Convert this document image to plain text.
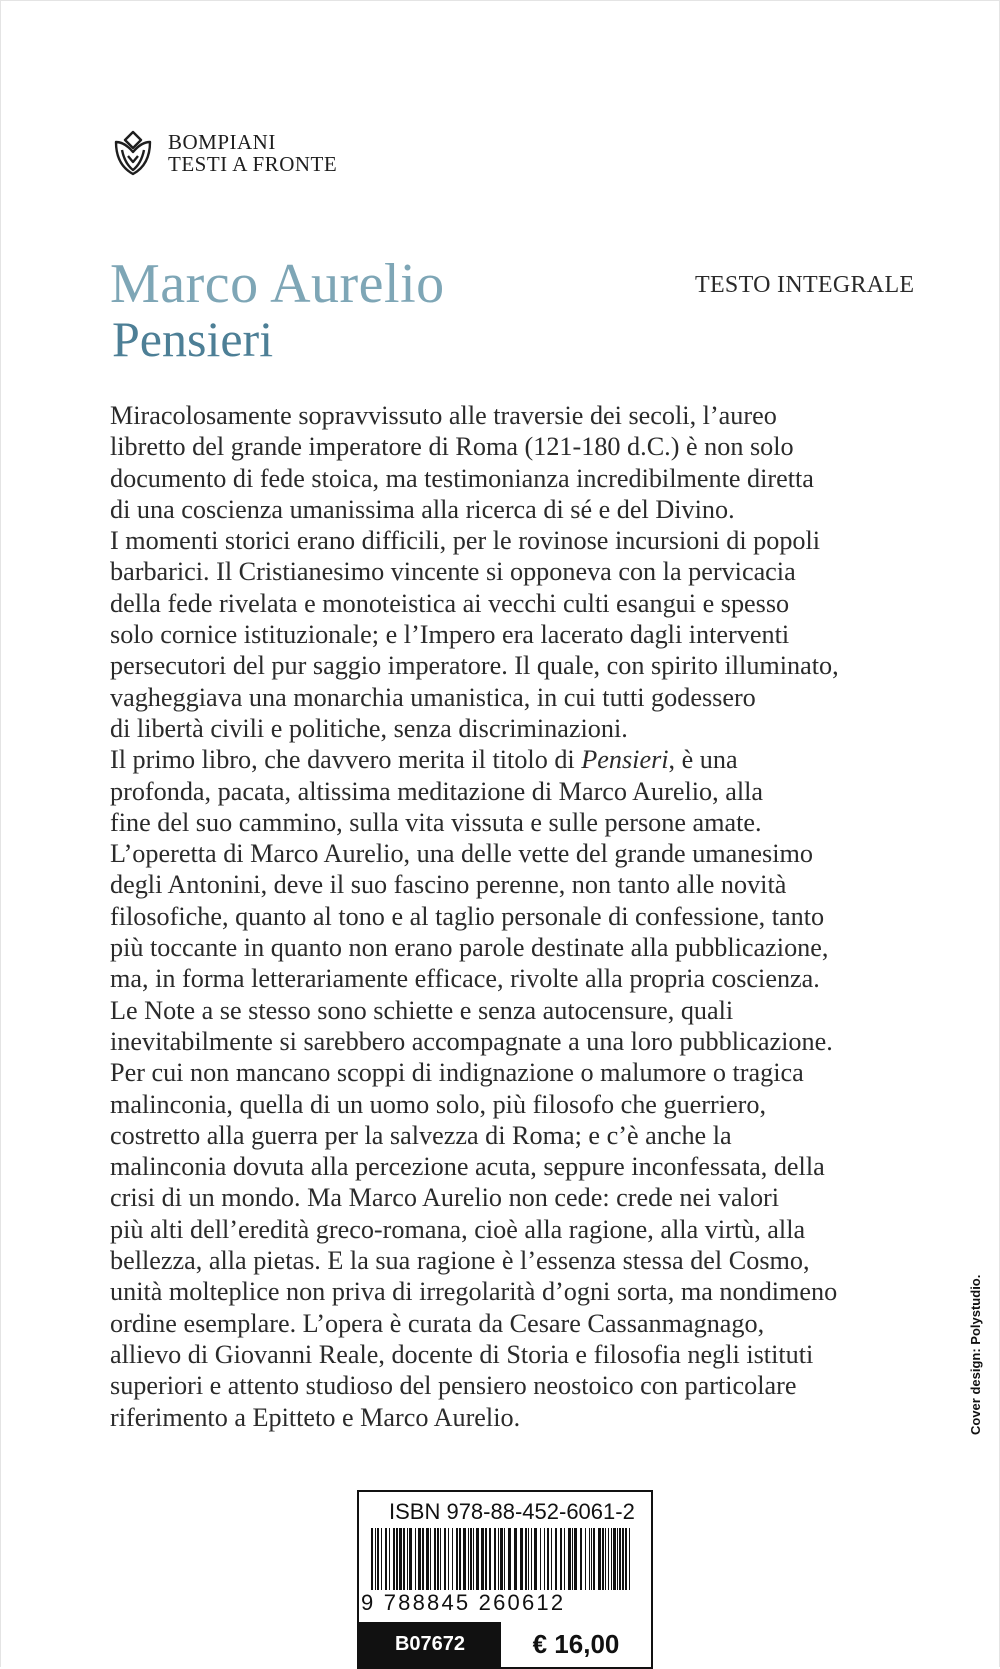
BOMPIANI
TESTI A FRONTE
Marco Aurelio
Pensieri
TESTO INTEGRALE
Miracolosamente sopravvissuto alle traversie dei secoli, l’aureo
libretto del grande imperatore di Roma (121-180 d.C.) è non solo
documento di fede stoica, ma testimonianza incredibilmente diretta
di una coscienza umanissima alla ricerca di sé e del Divino.
I momenti storici erano difficili, per le rovinose incursioni di popoli
barbarici. Il Cristianesimo vincente si opponeva con la pervicacia
della fede rivelata e monoteistica ai vecchi culti esangui e spesso
solo cornice istituzionale; e l’Impero era lacerato dagli interventi
persecutori del pur saggio imperatore. Il quale, con spirito illuminato,
vagheggiava una monarchia umanistica, in cui tutti godessero
di libertà civili e politiche, senza discriminazioni.
Il primo libro, che davvero merita il titolo di Pensieri, è una
profonda, pacata, altissima meditazione di Marco Aurelio, alla
fine del suo cammino, sulla vita vissuta e sulle persone amate.
L’operetta di Marco Aurelio, una delle vette del grande umanesimo
degli Antonini, deve il suo fascino perenne, non tanto alle novità
filosofiche, quanto al tono e al taglio personale di confessione, tanto
più toccante in quanto non erano parole destinate alla pubblicazione,
ma, in forma letterariamente efficace, rivolte alla propria coscienza.
Le Note a se stesso sono schiette e senza autocensure, quali
inevitabilmente si sarebbero accompagnate a una loro pubblicazione.
Per cui non mancano scoppi di indignazione o malumore o tragica
malinconia, quella di un uomo solo, più filosofo che guerriero,
costretto alla guerra per la salvezza di Roma; e c’è anche la
malinconia dovuta alla percezione acuta, seppure inconfessata, della
crisi di un mondo. Ma Marco Aurelio non cede: crede nei valori
più alti dell’eredità greco-romana, cioè alla ragione, alla virtù, alla
bellezza, alla pietas. E la sua ragione è l’essenza stessa del Cosmo,
unità molteplice non priva di irregolarità d’ogni sorta, ma nondimeno
ordine esemplare. L’opera è curata da Cesare Cassanmagnago,
allievo di Giovanni Reale, docente di Storia e filosofia negli istituti
superiori e attento studioso del pensiero neostoico con particolare
riferimento a Epitteto e Marco Aurelio.	Cover design: Polystudio.
ISBN 978-88-452-6061-2
9 788845 260612
B07672	€ 16,00
